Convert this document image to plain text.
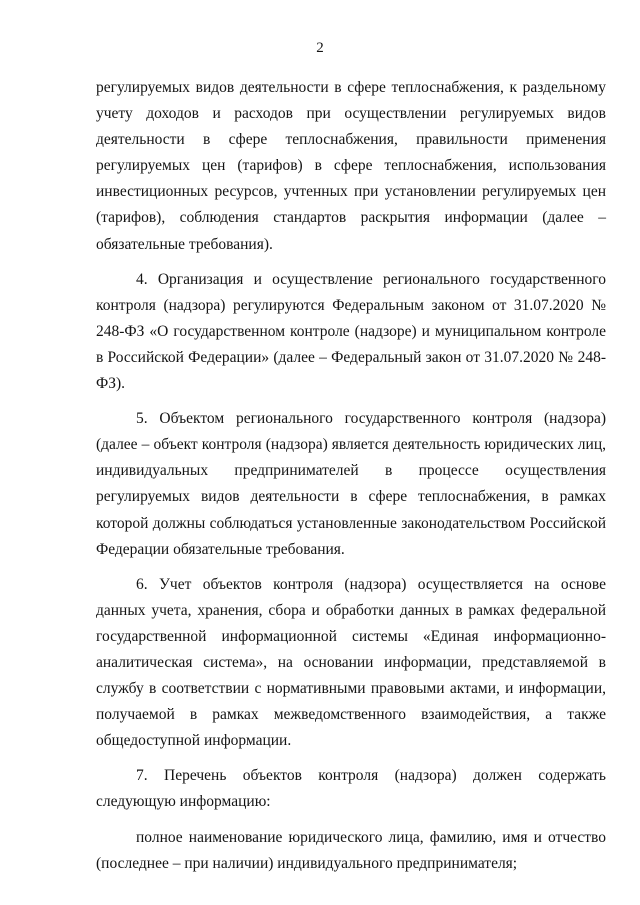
2

регулируемых видов деятельности в сфере теплоснабжения, к раздельному учету доходов и расходов при осуществлении регулируемых видов деятельности в сфере теплоснабжения, правильности применения регулируемых цен (тарифов) в сфере теплоснабжения, использования инвестиционных ресурсов, учтенных при установлении регулируемых цен (тарифов), соблюдения стандартов раскрытия информации (далее – обязательные требования).

4. Организация и осуществление регионального государственного контроля (надзора) регулируются Федеральным законом от 31.07.2020 № 248-ФЗ «О государственном контроле (надзоре) и муниципальном контроле в Российской Федерации» (далее – Федеральный закон от 31.07.2020 № 248-ФЗ).

5. Объектом регионального государственного контроля (надзора) (далее – объект контроля (надзора) является деятельность юридических лиц, индивидуальных предпринимателей в процессе осуществления регулируемых видов деятельности в сфере теплоснабжения, в рамках которой должны соблюдаться установленные законодательством Российской Федерации обязательные требования.

6. Учет объектов контроля (надзора) осуществляется на основе данных учета, хранения, сбора и обработки данных в рамках федеральной государственной информационной системы «Единая информационно-аналитическая система», на основании информации, представляемой в службу в соответствии с нормативными правовыми актами, и информации, получаемой в рамках межведомственного взаимодействия, а также общедоступной информации.

7. Перечень объектов контроля (надзора) должен содержать следующую информацию:

полное наименование юридического лица, фамилию, имя и отчество (последнее – при наличии) индивидуального предпринимателя;
